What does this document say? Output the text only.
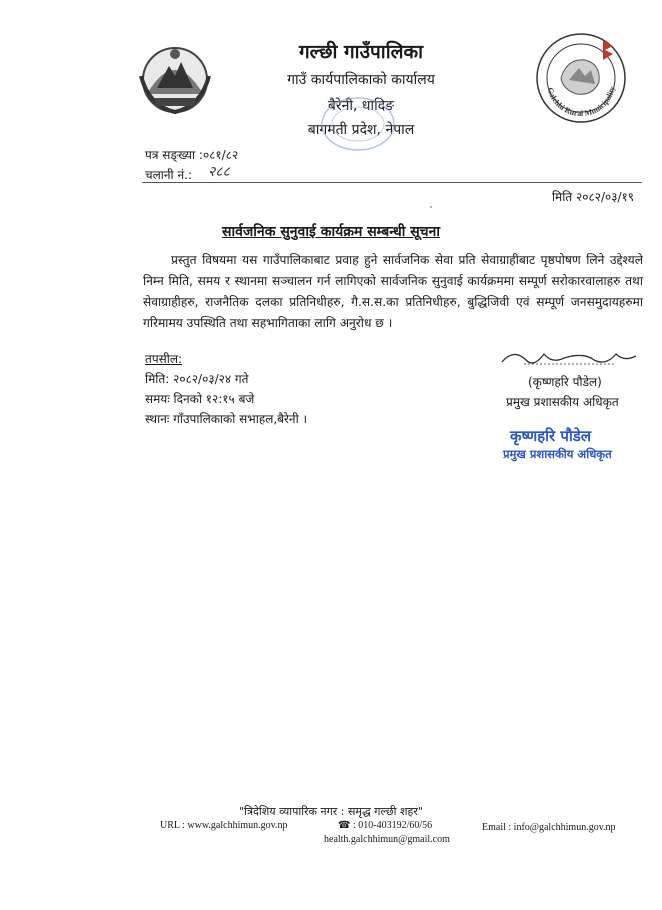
गल्छी गाउँपालिका
गाउँ कार्यपालिकाको कार्यालय
बैरेनी, धादिङ
बागमती प्रदेश, नेपाल
Galchhi Rural Municipality
पत्र सङ्ख्या :०८१/८२
चलानी नं.: २८८
मिति २०८२/०३/१९
सार्वजनिक सुनुवाई कार्यक्रम सम्बन्धी सूचना
प्रस्तुत विषयमा यस गाउँपालिकाबाट प्रवाह हुने सार्वजनिक सेवा प्रति सेवाग्राहीबाट पृष्ठपोषण लिने उद्देश्यले निम्न मिति, समय र स्थानमा सञ्चालन गर्न लागिएको सार्वजनिक सुनुवाई कार्यक्रममा सम्पूर्ण सरोकारवालाहरु तथा सेवाग्राहीहरु, राजनैतिक दलका प्रतिनिधीहरु, गै.स.स.का प्रतिनिधीहरु, बुद्धिजिवी एवं सम्पूर्ण जनसमुदायहरुमा गरिमामय उपस्थिति तथा सहभागिताका लागि अनुरोध छ ।
तपसील:
मिति: २०८२/०३/२४ गते
समयः दिनको १२:१५ बजे
स्थानः गाँउपालिकाको सभाहल,बैरेनी ।
(कृष्णहरि पौडेल)
प्रमुख प्रशासकीय अधिकृत
कृष्णहरि पौडेल
प्रमुख प्रशासकीय अधिकृत
"त्रिदेशिय व्यापारिक नगर : समृद्ध गल्छी शहर"
URL : www.galchhimun.gov.np	☎ : 010-403192/60/56	Email : info@galchhimun.gov.np
health.galchhimun@gmail.com
